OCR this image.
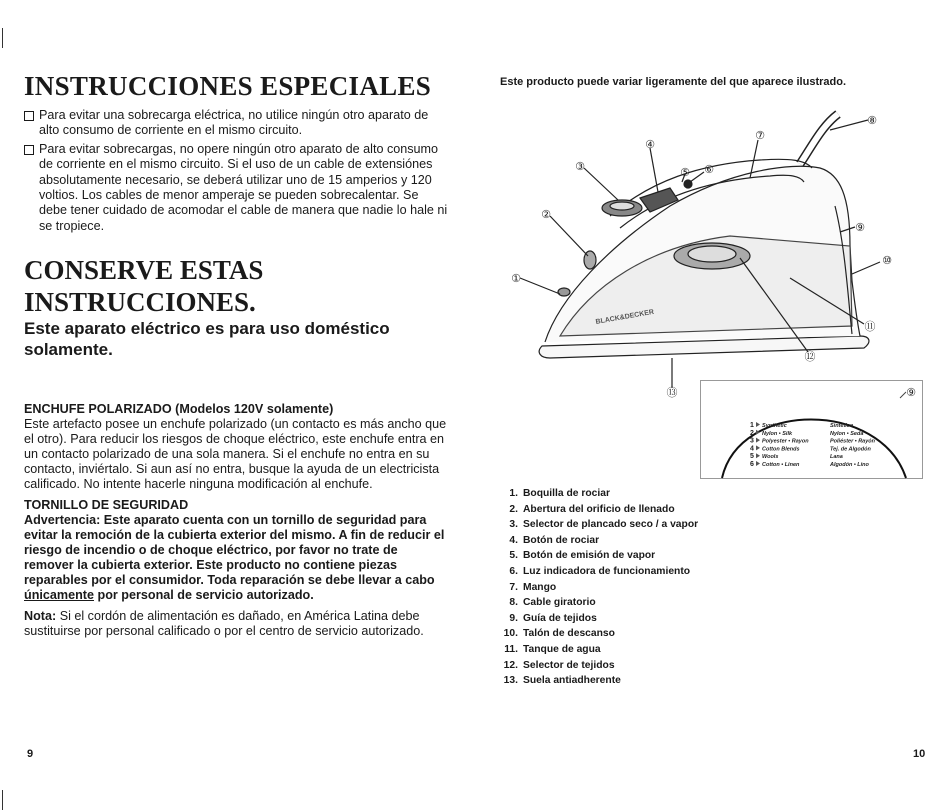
INSTRUCCIONES ESPECIALES
Para evitar una sobrecarga eléctrica, no utilice ningún otro aparato de alto consumo de corriente en el mismo circuito.
Para evitar sobrecargas, no opere ningún otro aparato de alto consumo de corriente en el mismo circuito. Si el uso de un cable de extensiónes absolutamente necesario, se deberá utilizar uno de 15 amperios y 120 voltios. Los cables de menor amperaje se pueden sobrecalentar. Se debe tener cuidado de acomodar el cable de manera que nadie lo hale ni se tropiece.
CONSERVE ESTAS
INSTRUCCIONES.
Este aparato eléctrico es para uso doméstico
solamente.
ENCHUFE POLARIZADO (Modelos 120V solamente)

Este artefacto posee un enchufe polarizado (un contacto es más ancho que el otro). Para reducir los riesgos de choque eléctrico, este enchufe entra en un contacto polarizado de una sola manera. Si el enchufe no entra en su contacto, inviértalo. Si aun así no entra, busque la ayuda de un electricista calificado. No intente hacerle ninguna modificación al enchufe.

TORNILLO DE SEGURIDAD

Advertencia: Este aparato cuenta con un tornillo de seguridad para evitar la remoción de la cubierta exterior del mismo. A fin de reducir el riesgo de incendio o de choque eléctrico, por favor no trate de remover la cubierta exterior. Este producto no contiene piezas reparables por el consumidor. Toda reparación se debe llevar a cabo únicamente por personal de servicio autorizado.

Nota: Si el cordón de alimentación es dañado, en América Latina debe sustituirse por personal calificado o por el centro de servicio autorizado.

9
Este producto puede variar ligeramente del que aparece ilustrado.
BLACK&DECKER
①
②
③
④
⑤ ⑥
⑦
⑧
⑨
⑩
⑪
⑫
⑬	⑨
1 Synthetic	Sintético
2 Nylon • Silk	Nylon • Seda
3 Polyester • Rayon	Poliéster • Rayón
4 Cotton Blends	Tej. de Algodón
5 Wools	Lana
6 Cotton • Linen	Algodón • Lino
1. Boquilla de rociar
2. Abertura del orificio de llenado
3. Selector de plancado seco / a vapor
4. Botón de rociar
5. Botón de emisión de vapor
6. Luz indicadora de funcionamiento
7. Mango
8. Cable giratorio
9. Guía de tejidos
10. Talón de descanso
11. Tanque de agua
12. Selector de tejidos
13. Suela antiadherente
10
